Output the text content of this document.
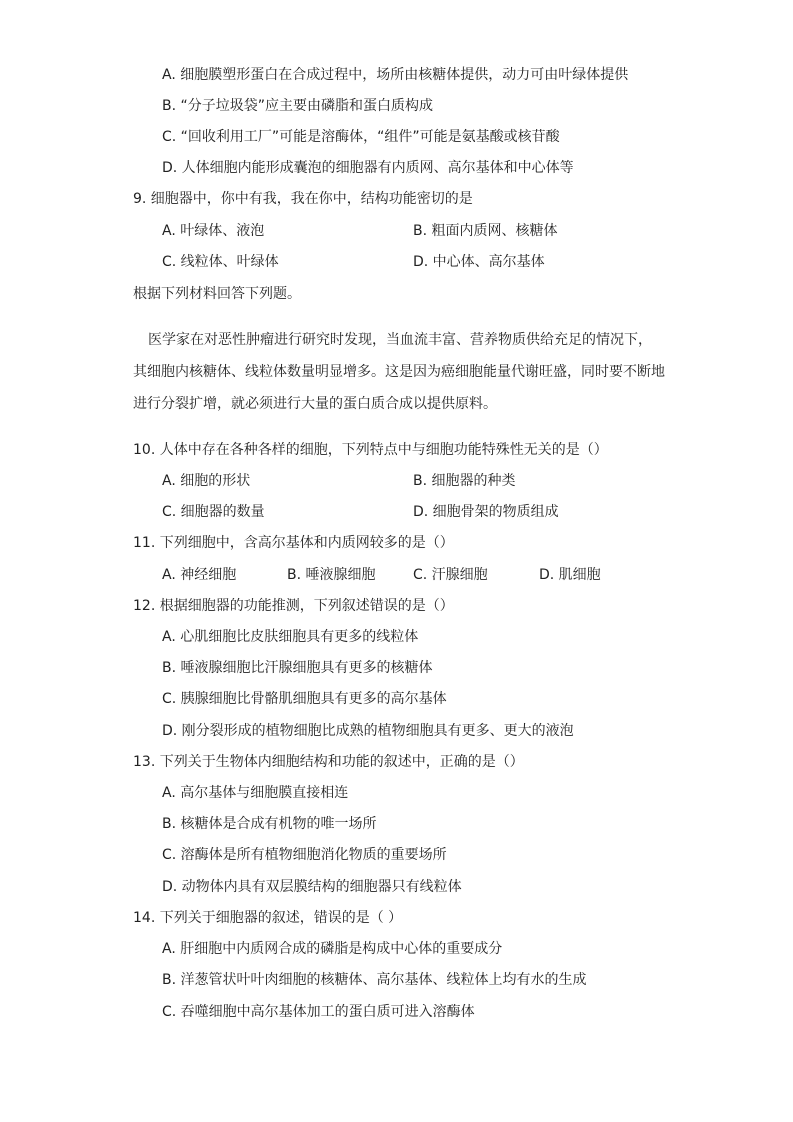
A. 细胞膜塑形蛋白在合成过程中，场所由核糖体提供，动力可由叶绿体提供
B. “分子垃圾袋”应主要由磷脂和蛋白质构成
C. “回收利用工厂”可能是溶酶体，“组件”可能是氨基酸或核苷酸
D. 人体细胞内能形成囊泡的细胞器有内质网、高尔基体和中心体等
9. 细胞器中，你中有我，我在你中，结构功能密切的是
A. 叶绿体、液泡	B. 粗面内质网、核糖体
C. 线粒体、叶绿体	D. 中心体、高尔基体
根据下列材料回答下列题。
医学家在对恶性肿瘤进行研究时发现，当血流丰富、营养物质供给充足的情况下，
其细胞内核糖体、线粒体数量明显增多。这是因为癌细胞能量代谢旺盛，同时要不断地
进行分裂扩增，就必须进行大量的蛋白质合成以提供原料。
10. 人体中存在各种各样的细胞，下列特点中与细胞功能特殊性无关的是（）
A. 细胞的形状	B. 细胞器的种类
C. 细胞器的数量	D. 细胞骨架的物质组成
11. 下列细胞中，含高尔基体和内质网较多的是（）
A. 神经细胞	B. 唾液腺细胞	C. 汗腺细胞	D. 肌细胞
12. 根据细胞器的功能推测，下列叙述错误的是（）
A. 心肌细胞比皮肤细胞具有更多的线粒体
B. 唾液腺细胞比汗腺细胞具有更多的核糖体
C. 胰腺细胞比骨骼肌细胞具有更多的高尔基体
D. 刚分裂形成的植物细胞比成熟的植物细胞具有更多、更大的液泡
13. 下列关于生物体内细胞结构和功能的叙述中，正确的是（）
A. 高尔基体与细胞膜直接相连
B. 核糖体是合成有机物的唯一场所
C. 溶酶体是所有植物细胞消化物质的重要场所
D. 动物体内具有双层膜结构的细胞器只有线粒体
14. 下列关于细胞器的叙述，错误的是（ ）
A. 肝细胞中内质网合成的磷脂是构成中心体的重要成分
B. 洋葱管状叶叶肉细胞的核糖体、高尔基体、线粒体上均有水的生成
C. 吞噬细胞中高尔基体加工的蛋白质可进入溶酶体
